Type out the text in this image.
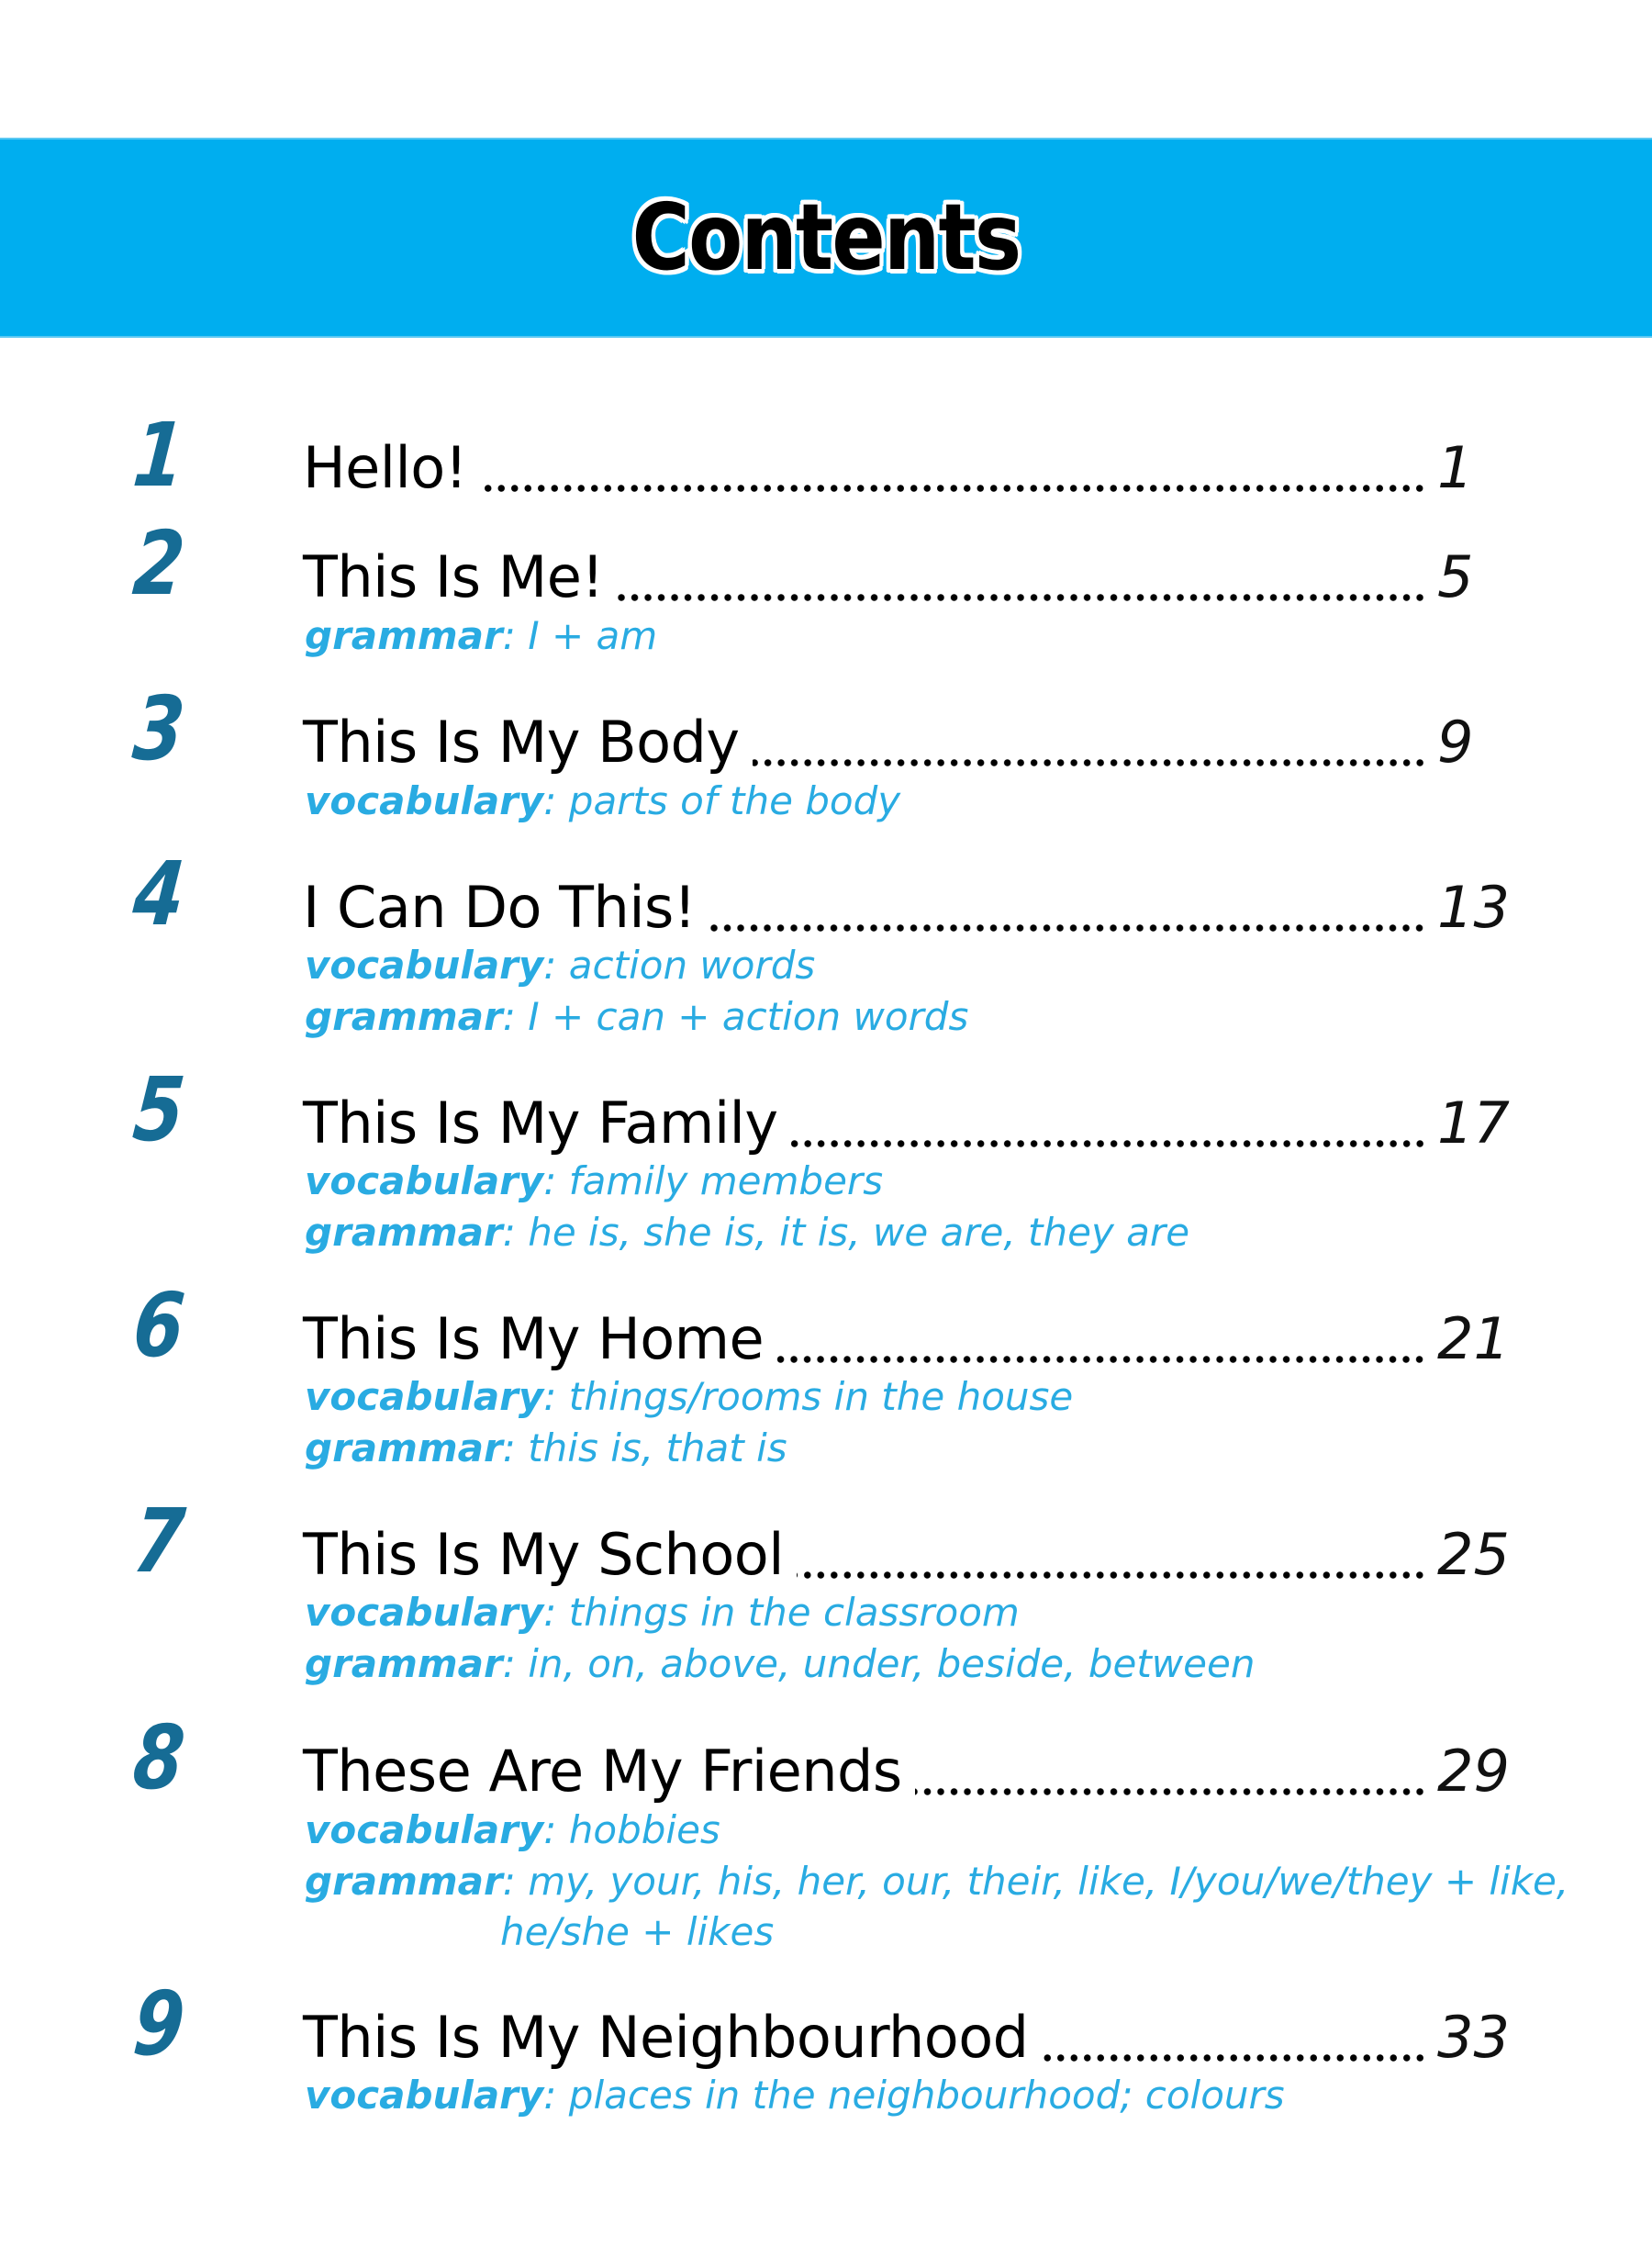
Contents
1 Hello!	1
2 This Is Me!	5
grammar: I + am
3 This Is My Body	9
vocabulary: parts of the body
4 I Can Do This!	13
vocabulary: action words
grammar: I + can + action words
5 This Is My Family	17
vocabulary: family members
grammar: he is, she is, it is, we are, they are
6 This Is My Home	21
vocabulary: things/rooms in the house
grammar: this is, that is
7 This Is My School	25
vocabulary: things in the classroom
grammar: in, on, above, under, beside, between
8 These Are My Friends	29
vocabulary: hobbies
grammar: my, your, his, her, our, their, like, I/you/we/they + like,
he/she + likes
9 This Is My Neighbourhood	33
vocabulary: places in the neighbourhood; colours
